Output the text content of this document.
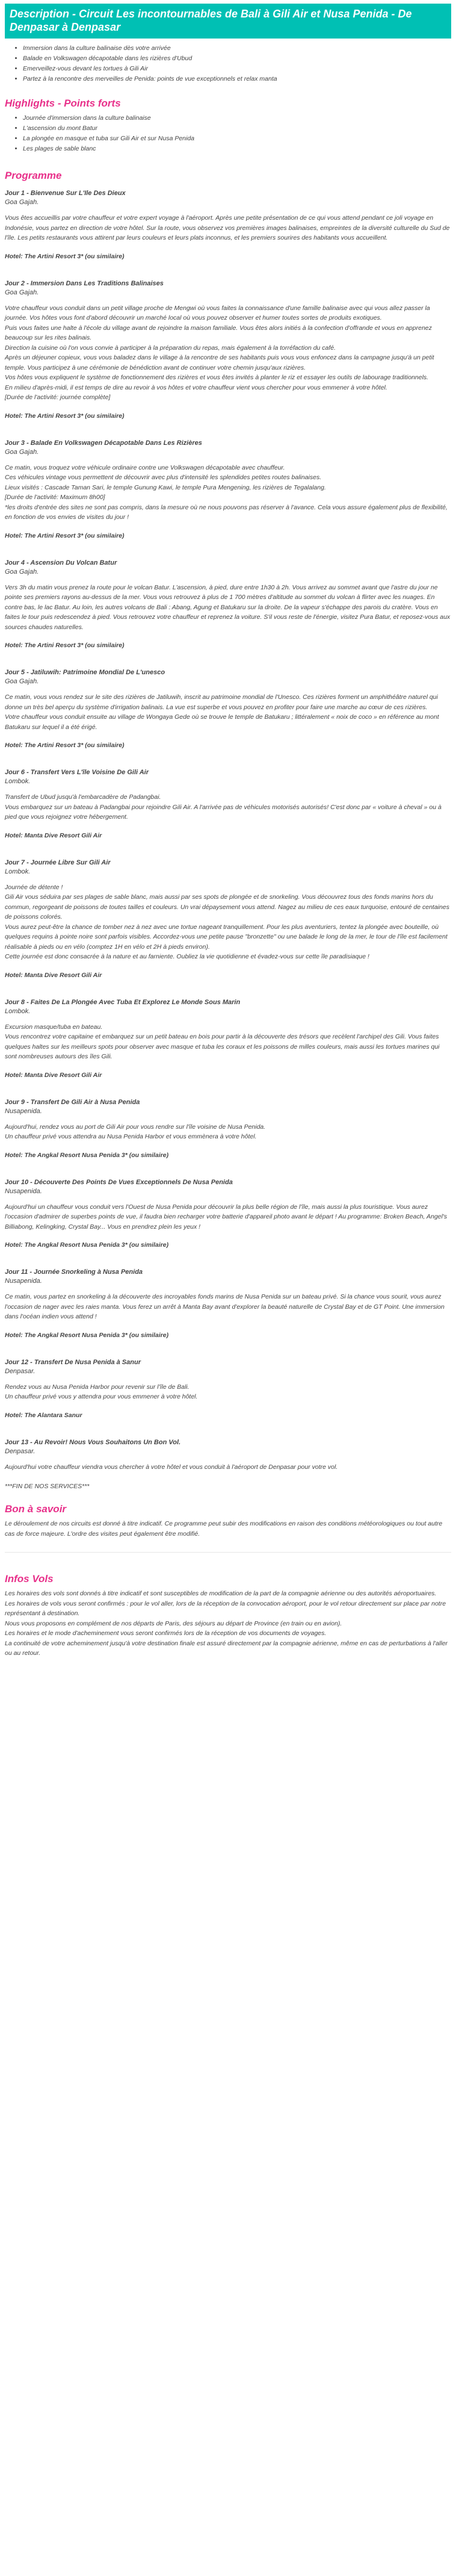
Description - Circuit Les incontournables de Bali à Gili Air et Nusa Penida - De Denpasar à Denpasar
• Immersion dans la culture balinaise dès votre arrivée
• Balade en Volkswagen décapotable dans les rizières d'Ubud
• Emerveillez-vous devant les tortues à Gili Air
• Partez à la rencontre des merveilles de Penida: points de vue exceptionnels et relax manta
Highlights - Points forts
• Journée d'immersion dans la culture balinaise
• L'ascension du mont Batur
• La plongée en masque et tuba sur Gili Air et sur Nusa Penida
• Les plages de sable blanc
Programme
Jour 1 - Bienvenue Sur L'Ile Des Dieux
Goa Gajah.

Vous êtes accueillis par votre chauffeur et votre expert voyage à l'aéroport. Après une petite présentation de ce qui vous attend pendant ce joli voyage en Indonésie, vous partez en direction de votre hôtel. Sur la route, vous observez vos premières images balinaises, empreintes de la diversité culturelle du Sud de l'île. Les petits restaurants vous attirent par leurs couleurs et leurs plats inconnus, et les premiers sourires des habitants vous accueillent.

Hotel: The Artini Resort 3* (ou similaire)
Jour 2 - Immersion Dans Les Traditions Balinaises
Goa Gajah.

Votre chauffeur vous conduit dans un petit village proche de Mengwi où vous faites la connaissance d'une famille balinaise avec qui vous allez passer la journée. Vos hôtes vous font d'abord découvrir un marché local où vous pouvez observer et humer toutes sortes de produits exotiques.

Puis vous faites une halte à l'école du village avant de rejoindre la maison familiale. Vous êtes alors initiés à la confection d'offrande et vous en apprenez beaucoup sur les rites balinais.

Direction la cuisine où l'on vous convie à participer à la préparation du repas, mais également à la torréfaction du café.

Après un déjeuner copieux, vous vous baladez dans le village à la rencontre de ses habitants puis vous vous enfoncez dans la campagne jusqu'à un petit temple. Vous participez à une cérémonie de bénédiction avant de continuer votre chemin jusqu'aux rizières.

Vos hôtes vous expliquent le système de fonctionnement des rizières et vous êtes invités à planter le riz et essayer les outils de labourage traditionnels.

En milieu d'après-midi, il est temps de dire au revoir à vos hôtes et votre chauffeur vient vous chercher pour vous emmener à votre hôtel.

[Durée de l'activité: journée complète]

Hotel: The Artini Resort 3* (ou similaire)
Jour 3 - Balade En Volkswagen Décapotable Dans Les Rizières
Goa Gajah.

Ce matin, vous troquez votre véhicule ordinaire contre une Volkswagen décapotable avec chauffeur.

Ces véhicules vintage vous permettent de découvrir avec plus d'intensité les splendides petites routes balinaises.

Lieux visités : Cascade Taman Sari, le temple Gunung Kawi, le temple Pura Mengening, les rizières de Tegalalang.

[Durée de l'activité: Maximum 8h00]

*les droits d'entrée des sites ne sont pas compris, dans la mesure où ne nous pouvons pas réserver à l'avance. Cela vous assure également plus de flexibilité, en fonction de vos envies de visites du jour !

Hotel: The Artini Resort 3* (ou similaire)
Jour 4 - Ascension Du Volcan Batur
Goa Gajah.

Vers 3h du matin vous prenez la route pour le volcan Batur. L'ascension, à pied, dure entre 1h30 à 2h. Vous arrivez au sommet avant que l'astre du jour ne pointe ses premiers rayons au-dessus de la mer. Vous vous retrouvez à plus de 1 700 mètres d'altitude au sommet du volcan à flirter avec les nuages. En contre bas, le lac Batur. Au loin, les autres volcans de Bali : Abang, Agung et Batukaru sur la droite. De la vapeur s'échappe des parois du cratère. Vous en faites le tour puis redescendez à pied. Vous retrouvez votre chauffeur et reprenez la voiture. S'il vous reste de l'énergie, visitez Pura Batur, et reposez-vous aux sources chaudes naturelles.

Hotel: The Artini Resort 3* (ou similaire)
Jour 5 - Jatiluwih: Patrimoine Mondial De L'unesco
Goa Gajah.

Ce matin, vous vous rendez sur le site des rizières de Jatiluwih, inscrit au patrimoine mondial de l'Unesco. Ces rizières forment un amphithéâtre naturel qui donne un très bel aperçu du système d'irrigation balinais. La vue est superbe et vous pouvez en profiter pour faire une marche au cœur de ces rizières.

Votre chauffeur vous conduit ensuite au village de Wongaya Gede où se trouve le temple de Batukaru ; littéralement « noix de coco » en référence au mont Batukaru sur lequel il a été érigé.

Hotel: The Artini Resort 3* (ou similaire)
Jour 6 - Transfert Vers L'île Voisine De Gili Air
Lombok.

Transfert de Ubud jusqu'à l'embarcadère de Padangbai.

Vous embarquez sur un bateau à Padangbai pour rejoindre Gili Air. A l'arrivée pas de véhicules motorisés autorisés! C'est donc par « voiture à cheval » ou à pied que vous rejoignez votre hébergement.

Hotel: Manta Dive Resort Gili Air
Jour 7 - Journée Libre Sur Gili Air
Lombok.

Journée de détente !

Gili Air vous séduira par ses plages de sable blanc, mais aussi par ses spots de plongée et de snorkeling. Vous découvrez tous des fonds marins hors du commun, regorgeant de poissons de toutes tailles et couleurs. Un vrai dépaysement vous attend. Nagez au milieu de ces eaux turquoise, entouré de centaines de poissons colorés.

Vous aurez peut-être la chance de tomber nez à nez avec une tortue nageant tranquillement. Pour les plus aventuriers, tentez la plongée avec bouteille, où quelques requins à pointe noire sont parfois visibles. Accordez-vous une petite pause "bronzette" ou une balade le long de la mer, le tour de l'île est facilement réalisable à pieds ou en vélo (comptez 1H en vélo et 2H à pieds environ).

Cette journée est donc consacrée à la nature et au farniente. Oubliez la vie quotidienne et évadez-vous sur cette île paradisiaque !

Hotel: Manta Dive Resort Gili Air
Jour 8 - Faites De La Plongée Avec Tuba Et Explorez Le Monde Sous Marin
Lombok.

Excursion masque/tuba en bateau.

Vous rencontrez votre capitaine et embarquez sur un petit bateau en bois pour partir à la découverte des trésors que recèlent l'archipel des Gili. Vous faites quelques haltes sur les meilleurs spots pour observer avec masque et tuba les coraux et les poissons de milles couleurs, mais aussi les tortues marines qui sont nombreuses autours des îles Gili.

Hotel: Manta Dive Resort Gili Air
Jour 9 - Transfert De Gili Air à Nusa Penida
Nusapenida.

Aujourd'hui, rendez vous au port de Gili Air pour vous rendre sur l'île voisine de Nusa Penida.

Un chauffeur privé vous attendra au Nusa Penida Harbor et vous emmènera à votre hôtel.

Hotel: The Angkal Resort Nusa Penida 3* (ou similaire)
Jour 10 - Découverte Des Points De Vues Exceptionnels De Nusa Penida
Nusapenida.

Aujourd'hui un chauffeur vous conduit vers l'Ouest de Nusa Penida pour découvrir la plus belle région de l'île, mais aussi la plus touristique. Vous aurez l'occasion d'admirer de superbes points de vue, il faudra bien recharger votre batterie d'appareil photo avant le départ ! Au programme: Broken Beach, Angel's Billiabong, Kelingking, Crystal Bay... Vous en prendrez plein les yeux !

Hotel: The Angkal Resort Nusa Penida 3* (ou similaire)
Jour 11 - Journée Snorkeling à Nusa Penida
Nusapenida.

Ce matin, vous partez en snorkeling à la découverte des incroyables fonds marins de Nusa Penida sur un bateau privé. Si la chance vous sourit, vous aurez l'occasion de nager avec les raies manta. Vous ferez un arrêt à Manta Bay avant d'explorer la beauté naturelle de Crystal Bay et de GT Point. Une immersion dans l'océan indien vous attend !

Hotel: The Angkal Resort Nusa Penida 3* (ou similaire)
Jour 12 - Transfert De Nusa Penida à Sanur
Denpasar.

Rendez vous au Nusa Penida Harbor pour revenir sur l'île de Bali.

Un chauffeur privé vous y attendra pour vous emmener à votre hôtel.

Hotel: The Alantara Sanur
Jour 13 - Au Revoir! Nous Vous Souhaitons Un Bon Vol.
Denpasar.

Aujourd'hui votre chauffeur viendra vous chercher à votre hôtel et vous conduit à l'aéroport de Denpasar pour votre vol.

***FIN DE NOS SERVICES***
Bon à savoir

Le déroulement de nos circuits est donné à titre indicatif. Ce programme peut subir des modifications en raison des conditions météorologiques ou tout autre cas de force majeure. L'ordre des visites peut également être modifié.

Infos Vols

Les horaires des vols sont donnés à titre indicatif et sont susceptibles de modification de la part de la compagnie aérienne ou des autorités aéroportuaires.

Les horaires de vols vous seront confirmés : pour le vol aller, lors de la réception de la convocation aéroport, pour le vol retour directement sur place par notre représentant à destination.

Nous vous proposons en complément de nos départs de Paris, des séjours au départ de Province (en train ou en avion).

Les horaires et le mode d'acheminement vous seront confirmés lors de la réception de vos documents de voyages.

La continuité de votre acheminement jusqu'à votre destination finale est assuré directement par la compagnie aérienne, même en cas de perturbations à l'aller ou au retour.
